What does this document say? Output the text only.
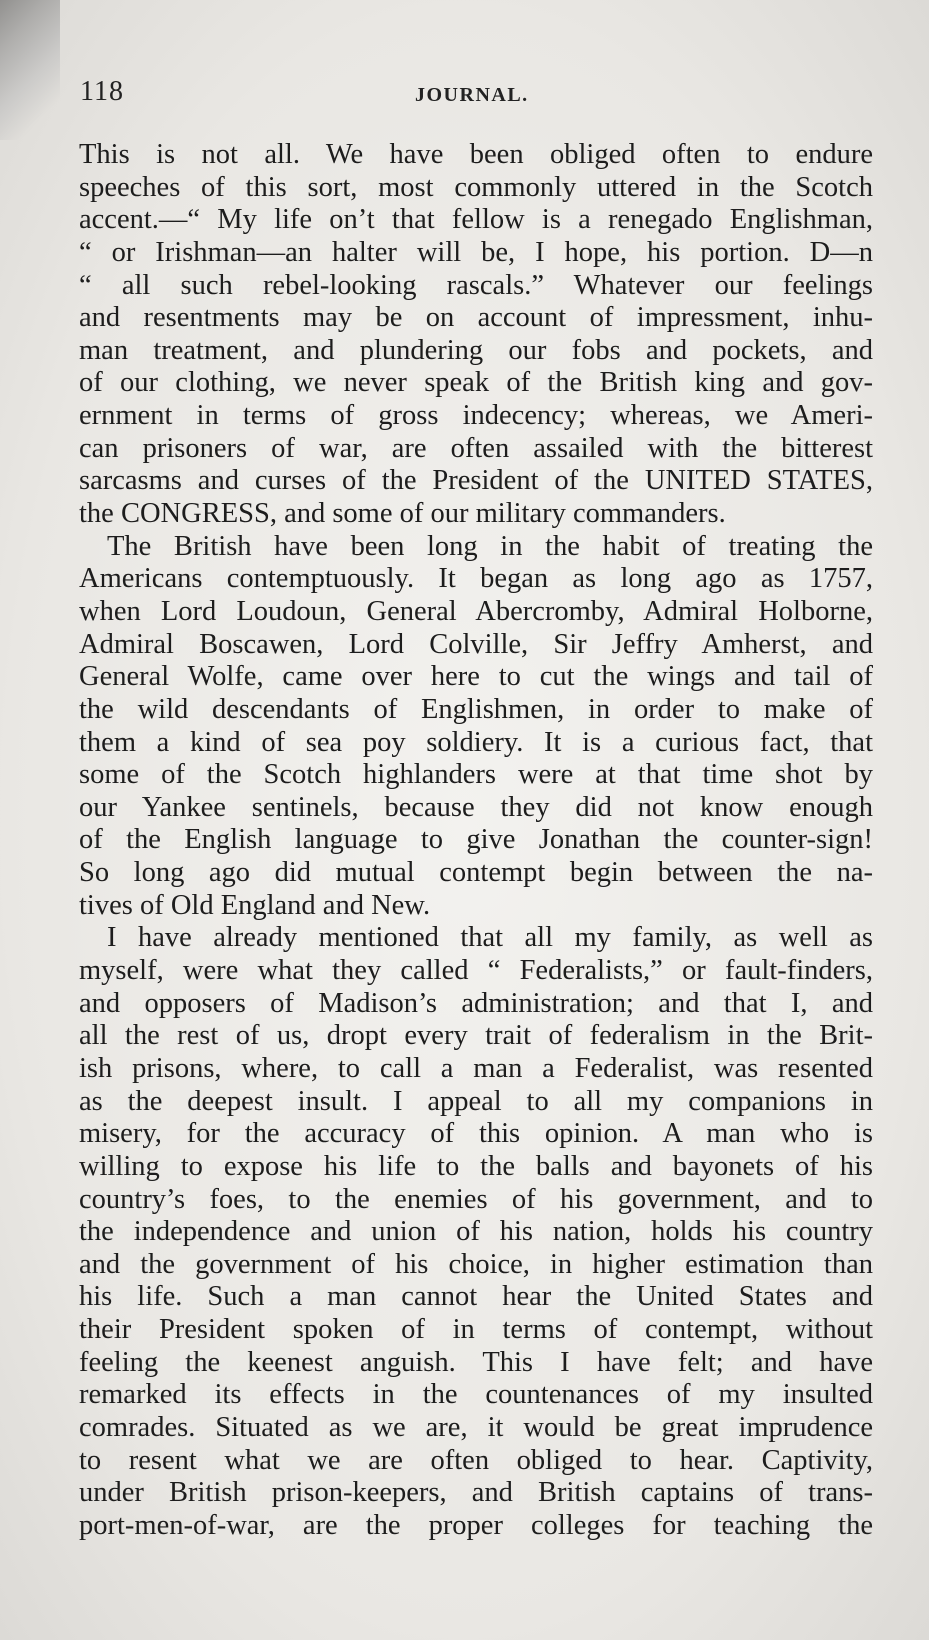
118	JOURNAL.
This is not all. We have been obliged often to endure
speeches of this sort, most commonly uttered in the Scotch
accent.—“ My life on’t that fellow is a renegado Englishman,
“ or Irishman—an halter will be, I hope, his portion. D—n
“ all such rebel-looking rascals.” Whatever our feelings
and resentments may be on account of impressment, inhu-
man treatment, and plundering our fobs and pockets, and
of our clothing, we never speak of the British king and gov-
ernment in terms of gross indecency; whereas, we Ameri-
can prisoners of war, are often assailed with the bitterest
sarcasms and curses of the President of the UNITED STATES,
the CONGRESS, and some of our military commanders.
The British have been long in the habit of treating the
Americans contemptuously. It began as long ago as 1757,
when Lord Loudoun, General Abercromby, Admiral Holborne,
Admiral Boscawen, Lord Colville, Sir Jeffry Amherst, and
General Wolfe, came over here to cut the wings and tail of
the wild descendants of Englishmen, in order to make of
them a kind of sea poy soldiery. It is a curious fact, that
some of the Scotch highlanders were at that time shot by
our Yankee sentinels, because they did not know enough
of the English language to give Jonathan the counter-sign!
So long ago did mutual contempt begin between the na-
tives of Old England and New.
I have already mentioned that all my family, as well as
myself, were what they called “ Federalists,” or fault-finders,
and opposers of Madison’s administration; and that I, and
all the rest of us, dropt every trait of federalism in the Brit-
ish prisons, where, to call a man a Federalist, was resented
as the deepest insult. I appeal to all my companions in
misery, for the accuracy of this opinion. A man who is
willing to expose his life to the balls and bayonets of his
country’s foes, to the enemies of his government, and to
the independence and union of his nation, holds his country
and the government of his choice, in higher estimation than
his life. Such a man cannot hear the United States and
their President spoken of in terms of contempt, without
feeling the keenest anguish. This I have felt; and have
remarked its effects in the countenances of my insulted
comrades. Situated as we are, it would be great imprudence
to resent what we are often obliged to hear. Captivity,
under British prison-keepers, and British captains of trans-
port-men-of-war, are the proper colleges for teaching the
